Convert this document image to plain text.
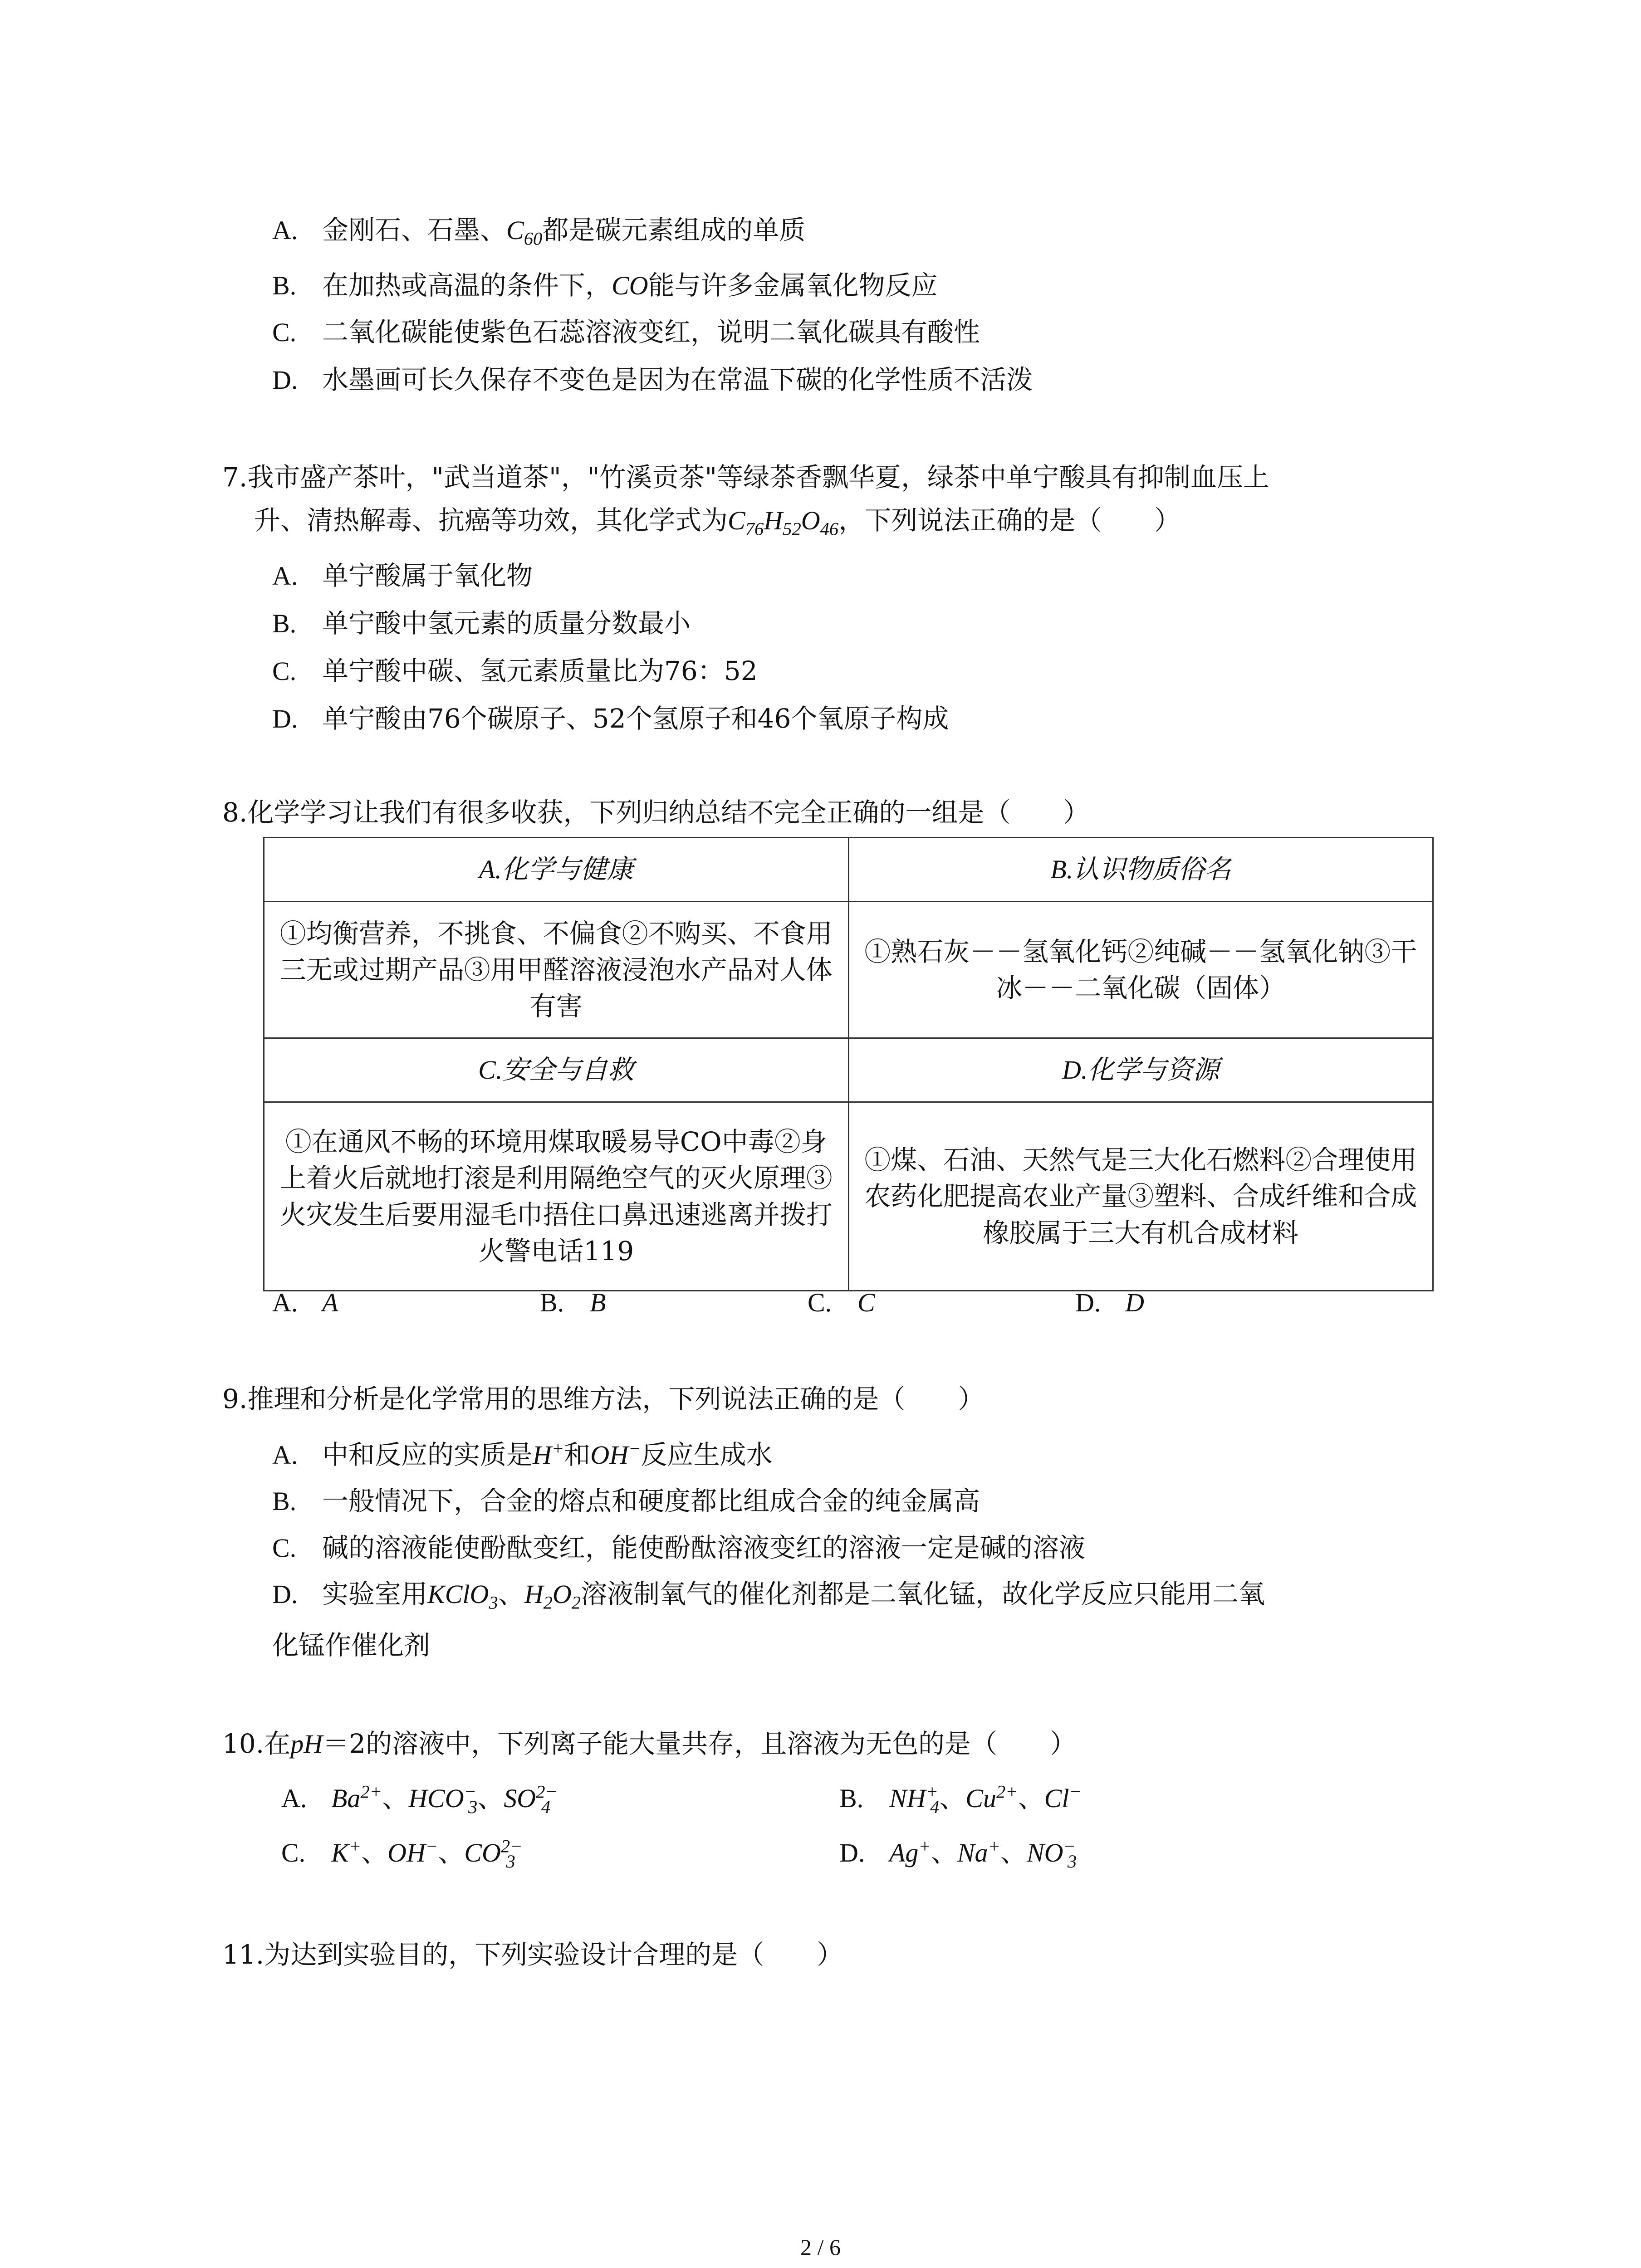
A. 金刚石、石墨、$C_{60}$都是碳元素组成的单质
B. 在加热或高温的条件下，CO能与许多金属氧化物反应
C. 二氧化碳能使紫色石蕊溶液变红，说明二氧化碳具有酸性
D. 水墨画可长久保存不变色是因为在常温下碳的化学性质不活泼
7.我市盛产茶叶，"武当道茶"，"竹溪贡茶"等绿茶香飘华夏，绿茶中单宁酸具有抑制血压上
升、清热解毒、抗癌等功效，其化学式为$C_{76}H_{52}O_{46}$，下列说法正确的是（　　）
A. 单宁酸属于氧化物
B. 单宁酸中氢元素的质量分数最小
C. 单宁酸中碳、氢元素质量比为76：52
D. 单宁酸由76个碳原子、52个氢原子和46个氧原子构成
8.化学学习让我们有很多收获，下列归纳总结不完全正确的一组是（　　）
A.化学与健康	B.认识物质俗名
①均衡营养，不挑食、不偏食②不购买、不食用三无或过期产品③用甲醛溶液浸泡水产品对人体有害	①熟石灰－－氢氧化钙②纯碱－－氢氧化钠③干冰－－二氧化碳（固体）
C.安全与自救	D.化学与资源
①在通风不畅的环境用煤取暖易导CO中毒②身上着火后就地打滚是利用隔绝空气的灭火原理③火灾发生后要用湿毛巾捂住口鼻迅速逃离并拨打火警电话119	①煤、石油、天然气是三大化石燃料②合理使用农药化肥提高农业产量③塑料、合成纤维和合成橡胶属于三大有机合成材料
A. A	B. B	C. C	D. D
9.推理和分析是化学常用的思维方法，下列说法正确的是（　　）
A. 中和反应的实质是H+和OH−反应生成水
B. 一般情况下，合金的熔点和硬度都比组成合金的纯金属高
C. 碱的溶液能使酚酞变红，能使酚酞溶液变红的溶液一定是碱的溶液
D. 实验室用KClO$_3$、$H_2O_2$溶液制氧气的催化剂都是二氧化锰，故化学反应只能用二氧
化锰作催化剂
10.在pH＝2的溶液中，下列离子能大量共存，且溶液为无色的是（　　）
A. $Ba^{2+}$、$HCO^-_3$、$SO^{2-}_4$	B. $NH^+_4$、$Cu^{2+}$、Cl−
C. K+、OH−、$CO^{2-}_3$	D. Ag+、Na+、$NO^-_3$
11.为达到实验目的，下列实验设计合理的是（　　）
2 / 6
